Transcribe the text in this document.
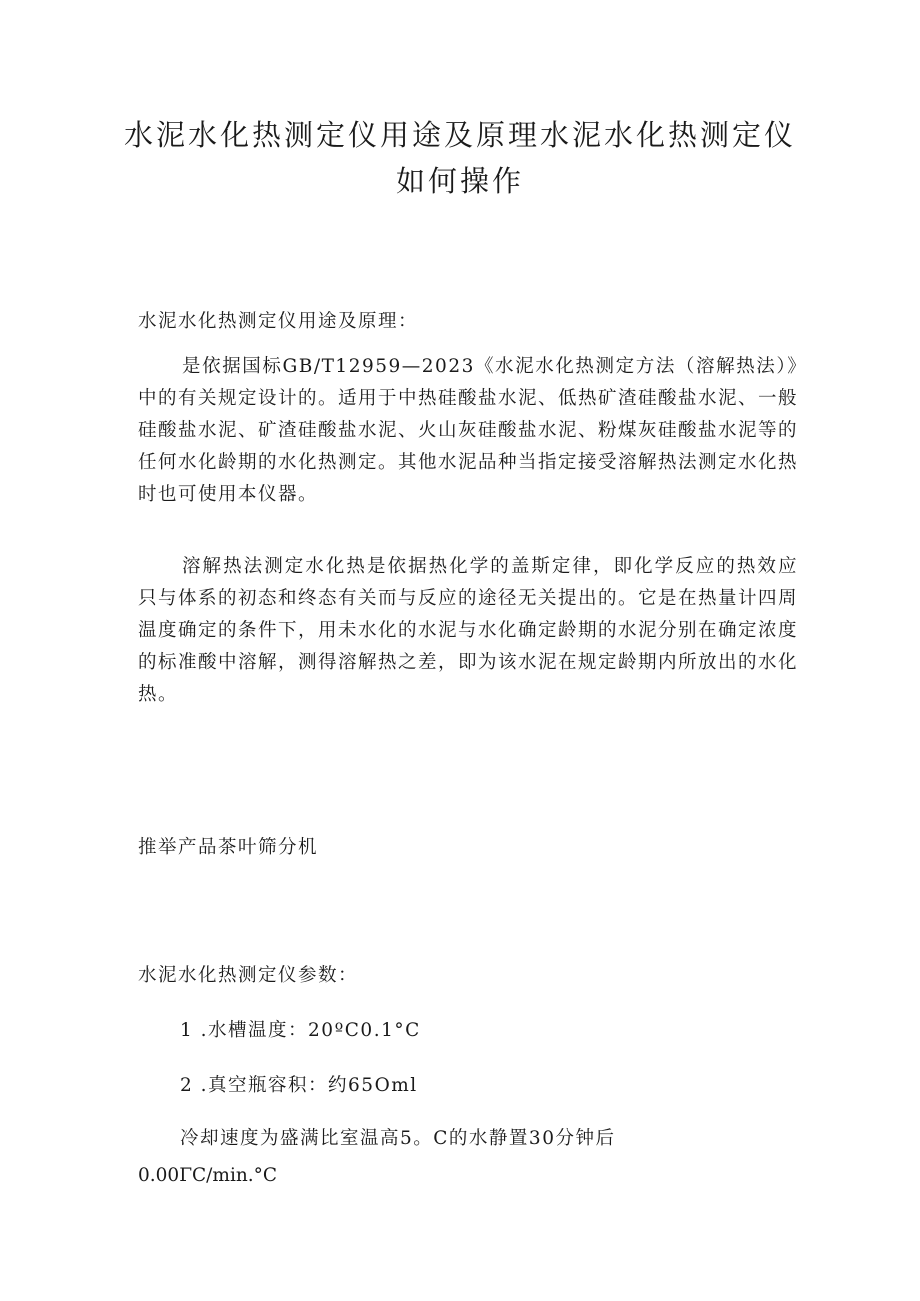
水泥水化热测定仪用途及原理水泥水化热测定仪如何操作

水泥水化热测定仪用途及原理：

是依据国标GB/T12959—2023《水泥水化热测定方法（溶解热法）》中的有关规定设计的。适用于中热硅酸盐水泥、低热矿渣硅酸盐水泥、一般硅酸盐水泥、矿渣硅酸盐水泥、火山灰硅酸盐水泥、粉煤灰硅酸盐水泥等的任何水化龄期的水化热测定。其他水泥品种当指定接受溶解热法测定水化热时也可使用本仪器。

溶解热法测定水化热是依据热化学的盖斯定律，即化学反应的热效应只与体系的初态和终态有关而与反应的途径无关提出的。它是在热量计四周温度确定的条件下，用未水化的水泥与水化确定龄期的水泥分别在确定浓度的标准酸中溶解，测得溶解热之差，即为该水泥在规定龄期内所放出的水化热。

推举产品茶叶筛分机

水泥水化热测定仪参数：

1 .水槽温度：20ºC0.1°C

2 .真空瓶容积：约65Oml

冷却速度为盛满比室温高5。C的水静置30分钟后

0.00ΓC∕min.°C
